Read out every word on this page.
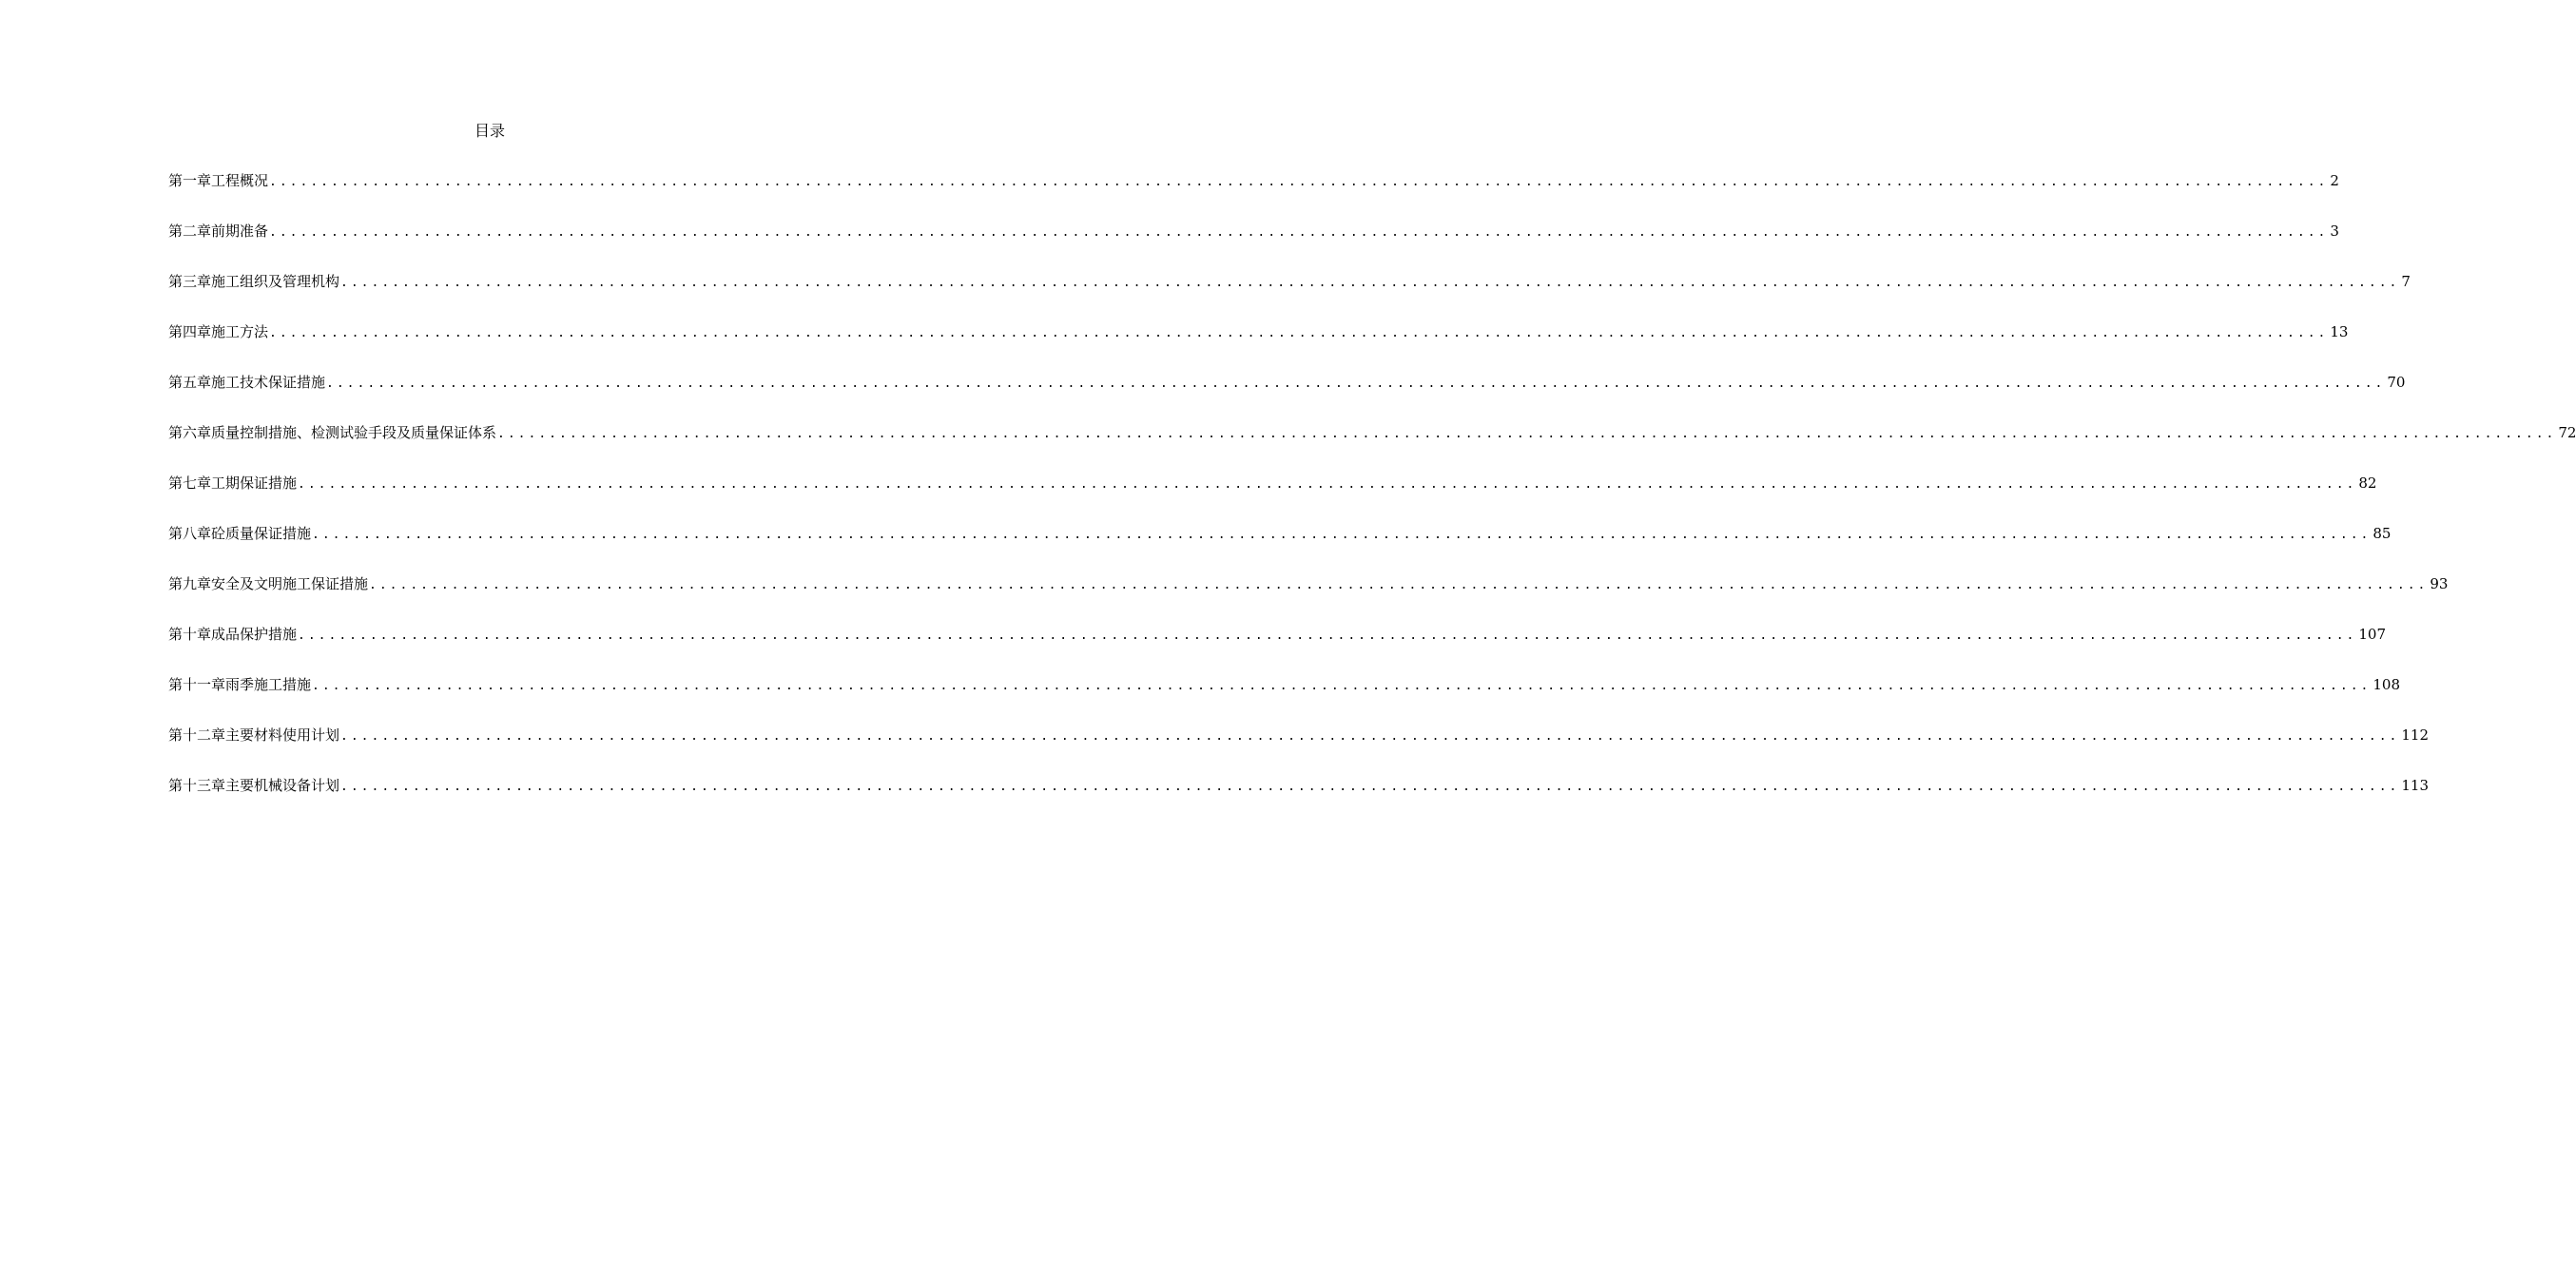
目录
第一章 工程概况 ........................................................................................................................................................................................................ 2
第二章 前期准备 ........................................................................................................................................................................................................ 3
第三章 施工组织及管理机构 ........................................................................................................................................................................................................ 7
第四章 施工方法 ........................................................................................................................................................................................................ 13
第五章 施工技术保证措施 ........................................................................................................................................................................................................ 70
第六章 质量控制措施、检测试验手段及质量保证体系 ........................................................................................................................................................................................................ 72
第七章 工期保证措施 ........................................................................................................................................................................................................ 82
第八章 砼质量保证措施 ........................................................................................................................................................................................................ 85
第九章 安全及文明施工保证措施 ........................................................................................................................................................................................................ 93
第十章 成品保护措施 ........................................................................................................................................................................................................ 107
第十一章 雨季施工措施 ........................................................................................................................................................................................................ 108
第十二章 主要材料使用计划 ........................................................................................................................................................................................................ 112
第十三章 主要机械设备计划 ........................................................................................................................................................................................................ 113
